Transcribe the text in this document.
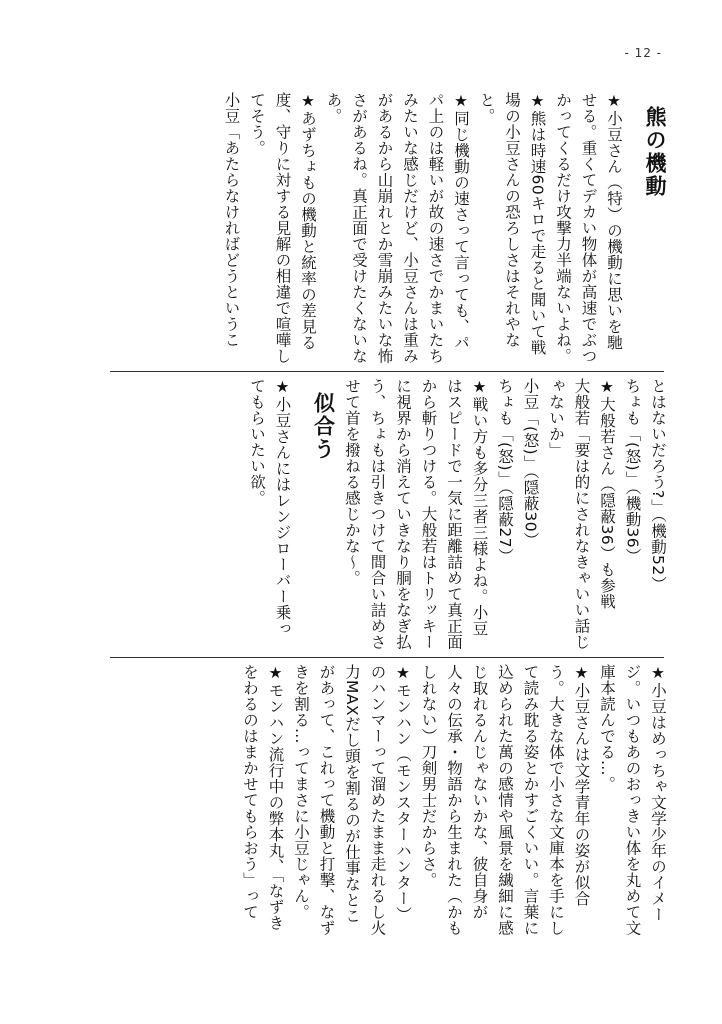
- 12 -

熊の機動

★小豆さん（特）の機動に思いを馳せる。重くてデカい物体が高速でぶつかってくるだけ攻撃力半端ないよね。

★熊は時速60キロで走ると聞いて戦場の小豆さんの恐ろしさはそれやなと。

★同じ機動の速さって言っても、パパ上のは軽いが故の速さでかまいたちみたいな感じだけど、小豆さんは重みがあるから山崩れとか雪崩みたいな怖さがあるね。真正面で受けたくないなあ。

★あずちょもの機動と統率の差見る度、守りに対する見解の相違で喧嘩してそう。

小豆「あたらなければどうというこ

とはないだろう?」（機動52）

ちょも「(怒)」（機動36）

★大般若さん（隠蔽36）も参戦

大般若「要は的にされなきゃいい話じゃないか」

小豆「(怒)」（隠蔽30）

ちょも「(怒)」（隠蔽27）

★戦い方も多分三者三様よね。小豆はスピードで一気に距離詰めて真正面から斬りつける。大般若はトリッキーに視界から消えていきなり胴をなぎ払う、ちょもは引きつけて間合い詰めさせて首を撥ねる感じかな〜。

似合う

★小豆さんにはレンジローバー乗ってもらいたい欲。

★小豆はめっちゃ文学少年のイメージ。いつもあのおっきい体を丸めて文庫本読んでる…。

★小豆さんは文学青年の姿が似合う。大きな体で小さな文庫本を手にして読み耽る姿とかすごくいい。言葉に込められた萬の感情や風景を繊細に感じ取れるんじゃないかな、彼自身が人々の伝承・物語から生まれた（かもしれない）刀剣男士だからさ。

★モンハン（モンスターハンター）のハンマーって溜めたまま走れるし火力MAXだし頭を割るのが仕事なとこがあって、これって機動と打撃、なずきを割る…ってまさに小豆じゃん。

★モンハン流行中の弊本丸、「なずきをわるのはまかせてもらおう」って
